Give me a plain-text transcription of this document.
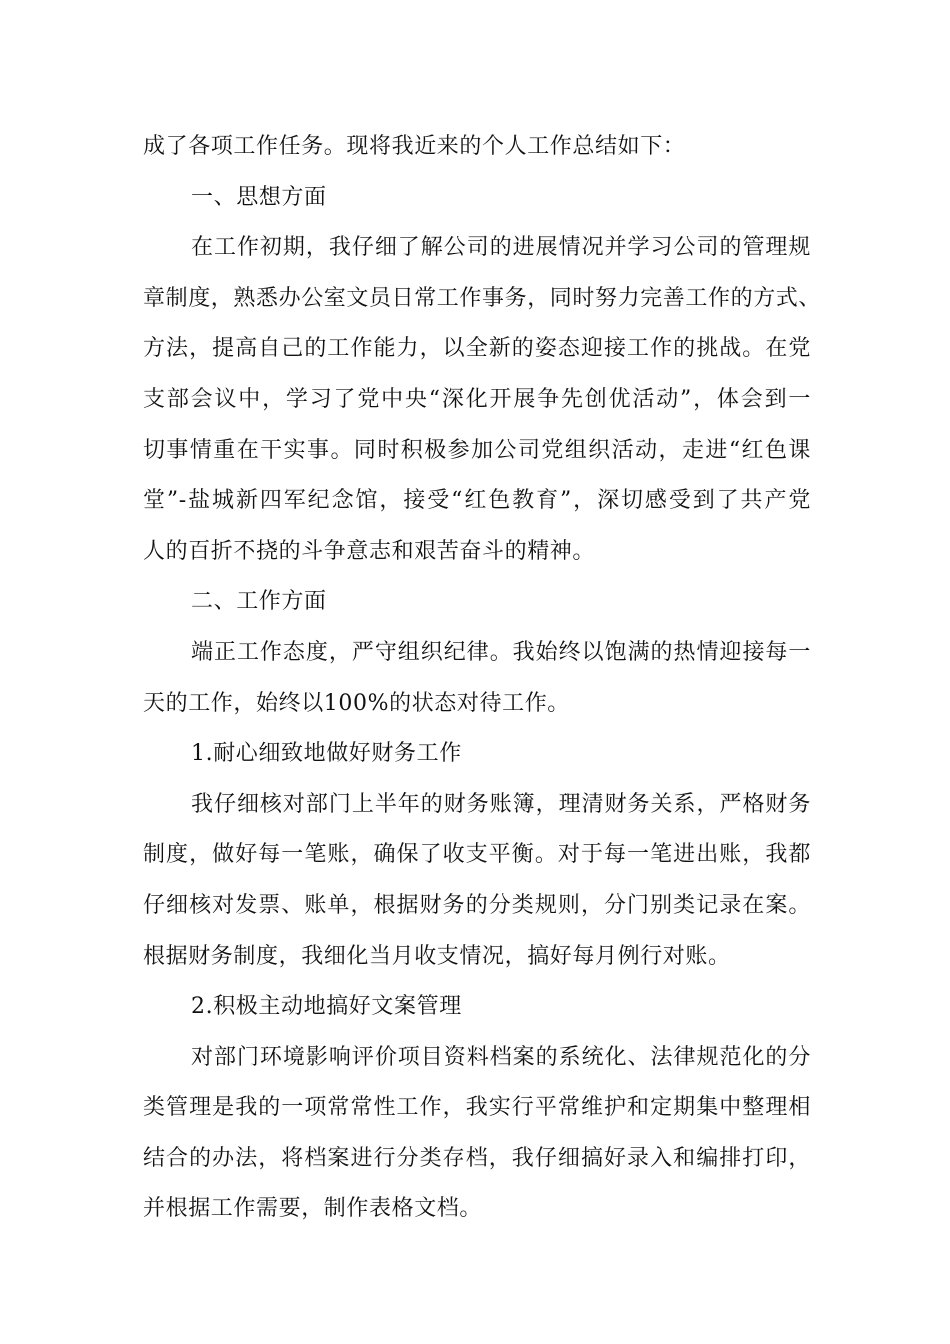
成了各项工作任务。现将我近来的个人工作总结如下：
一、思想方面
在工作初期，我仔细了解公司的进展情况并学习公司的管理规
章制度，熟悉办公室文员日常工作事务，同时努力完善工作的方式、
方法，提高自己的工作能力，以全新的姿态迎接工作的挑战。在党
支部会议中，学习了党中央“深化开展争先创优活动”，体会到一
切事情重在干实事。同时积极参加公司党组织活动，走进“红色课
堂”-盐城新四军纪念馆，接受“红色教育”，深切感受到了共产党
人的百折不挠的斗争意志和艰苦奋斗的精神。
二、工作方面
端正工作态度，严守组织纪律。我始终以饱满的热情迎接每一
天的工作，始终以100%的状态对待工作。
1.耐心细致地做好财务工作
我仔细核对部门上半年的财务账簿，理清财务关系，严格财务
制度，做好每一笔账，确保了收支平衡。对于每一笔进出账，我都
仔细核对发票、账单，根据财务的分类规则，分门别类记录在案。
根据财务制度，我细化当月收支情况，搞好每月例行对账。
2.积极主动地搞好文案管理
对部门环境影响评价项目资料档案的系统化、法律规范化的分
类管理是我的一项常常性工作，我实行平常维护和定期集中整理相
结合的办法，将档案进行分类存档，我仔细搞好录入和编排打印，
并根据工作需要，制作表格文档。
